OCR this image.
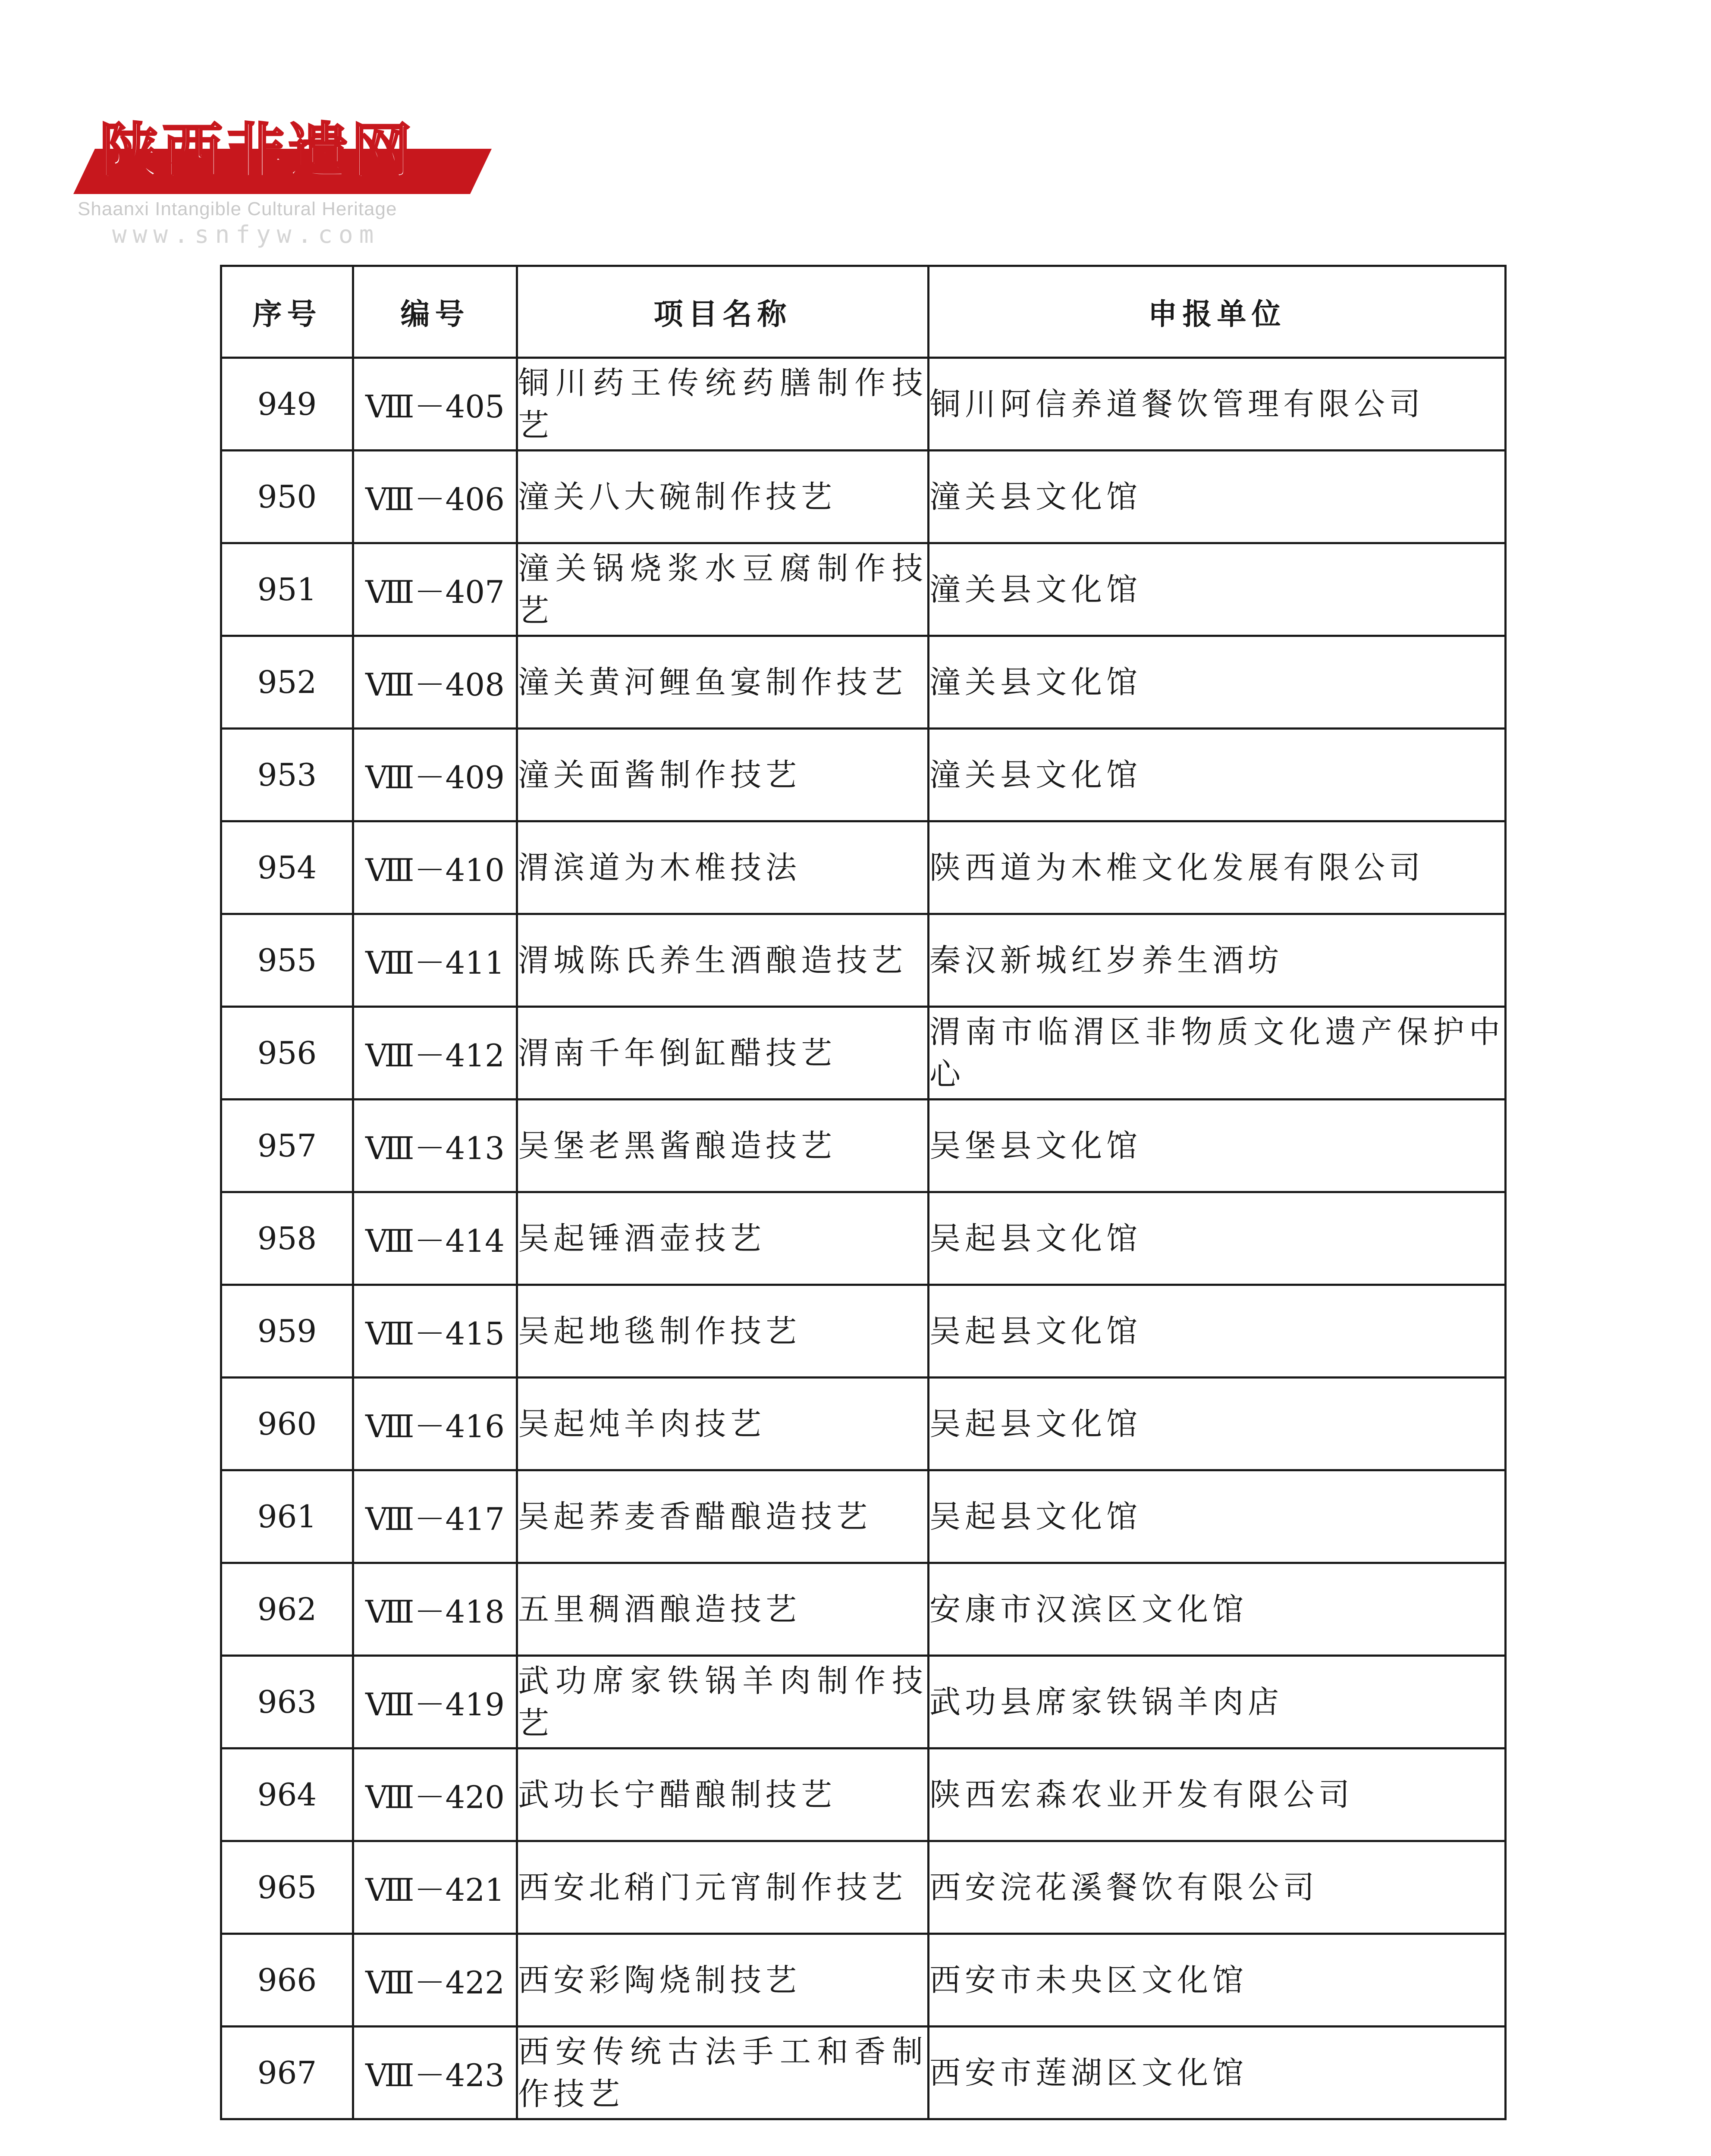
陕西非遗网
Shaanxi Intangible Cultural Heritage
www.snfyw.com
序号	编号	项目名称	申报单位
949	Ⅷ－405	铜川药王传统药膳制作技艺	铜川阿信养道餐饮管理有限公司
950	Ⅷ－406	潼关八大碗制作技艺	潼关县文化馆
951	Ⅷ－407	潼关锅烧浆水豆腐制作技艺	潼关县文化馆
952	Ⅷ－408	潼关黄河鲤鱼宴制作技艺	潼关县文化馆
953	Ⅷ－409	潼关面酱制作技艺	潼关县文化馆
954	Ⅷ－410	渭滨道为木椎技法	陕西道为木椎文化发展有限公司
955	Ⅷ－411	渭城陈氏养生酒酿造技艺	秦汉新城红岁养生酒坊
956	Ⅷ－412	渭南千年倒缸醋技艺	渭南市临渭区非物质文化遗产保护中心
957	Ⅷ－413	吴堡老黑酱酿造技艺	吴堡县文化馆
958	Ⅷ－414	吴起锤酒壶技艺	吴起县文化馆
959	Ⅷ－415	吴起地毯制作技艺	吴起县文化馆
960	Ⅷ－416	吴起炖羊肉技艺	吴起县文化馆
961	Ⅷ－417	吴起荞麦香醋酿造技艺	吴起县文化馆
962	Ⅷ－418	五里稠酒酿造技艺	安康市汉滨区文化馆
963	Ⅷ－419	武功席家铁锅羊肉制作技艺	武功县席家铁锅羊肉店
964	Ⅷ－420	武功长宁醋酿制技艺	陕西宏森农业开发有限公司
965	Ⅷ－421	西安北稍门元宵制作技艺	西安浣花溪餐饮有限公司
966	Ⅷ－422	西安彩陶烧制技艺	西安市未央区文化馆
967	Ⅷ－423	西安传统古法手工和香制作技艺	西安市莲湖区文化馆
